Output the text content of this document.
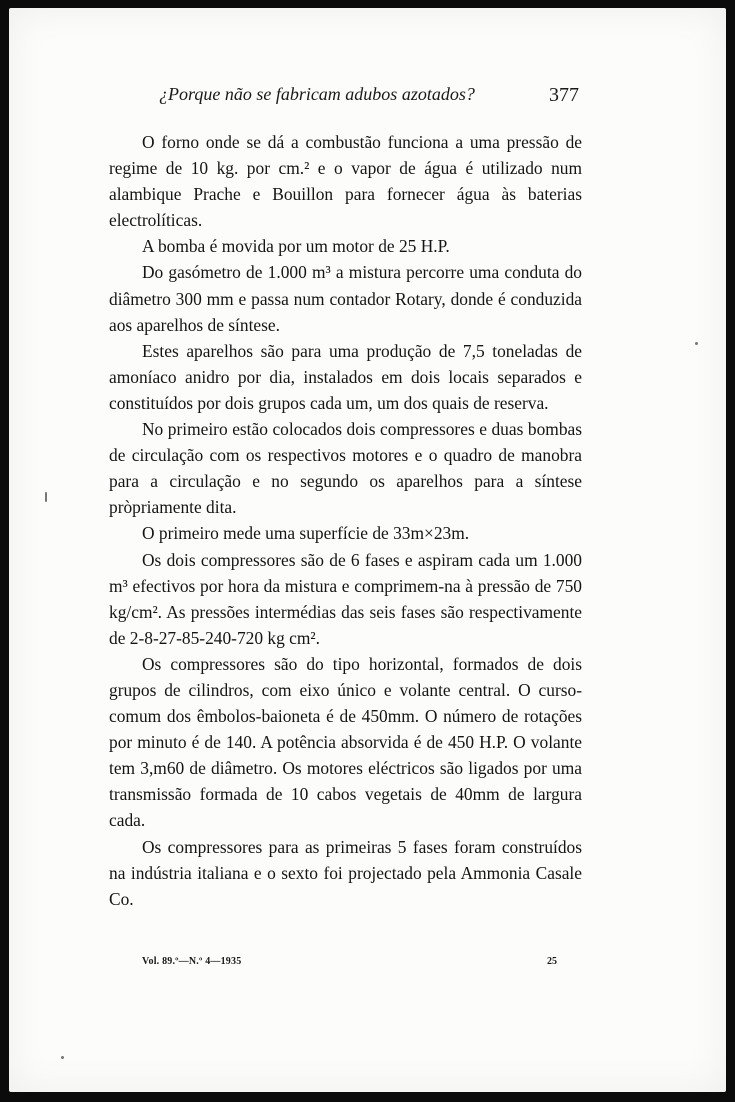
¿Porque não se fabricam adubos azotados?	377

O forno onde se dá a combustão funciona a uma pressão de regime de 10 kg. por cm.² e o vapor de água é utilizado num alambique Prache e Bouillon para fornecer água às baterias electrolíticas.

A bomba é movida por um motor de 25 H.P.

Do gasómetro de 1.000 m³ a mistura percorre uma conduta do diâmetro 300 mm e passa num contador Rotary, donde é conduzida aos aparelhos de síntese.

Estes aparelhos são para uma produção de 7,5 toneladas de amoníaco anidro por dia, instalados em dois locais separados e constituídos por dois grupos cada um, um dos quais de reserva.

No primeiro estão colocados dois compressores e duas bombas de circulação com os respectivos motores e o quadro de manobra para a circulação e no segundo os aparelhos para a síntese pròpriamente dita.

O primeiro mede uma superfície de 33m×23m.

Os dois compressores são de 6 fases e aspiram cada um 1.000 m³ efectivos por hora da mistura e comprimem-na à pressão de 750 kg/cm². As pressões intermédias das seis fases são respectivamente de 2-8-27-85-240-720 kg cm².

Os compressores são do tipo horizontal, formados de dois grupos de cilindros, com eixo único e volante central. O curso-comum dos êmbolos-baioneta é de 450mm. O número de rotações por minuto é de 140. A potência absorvida é de 450 H.P. O volante tem 3,m60 de diâmetro. Os motores eléctricos são ligados por uma transmissão formada de 10 cabos vegetais de 40mm de largura cada.

Os compressores para as primeiras 5 fases foram construídos na indústria italiana e o sexto foi projectado pela Ammonia Casale Co.

Vol. 89.º—N.º 4—1935	25
